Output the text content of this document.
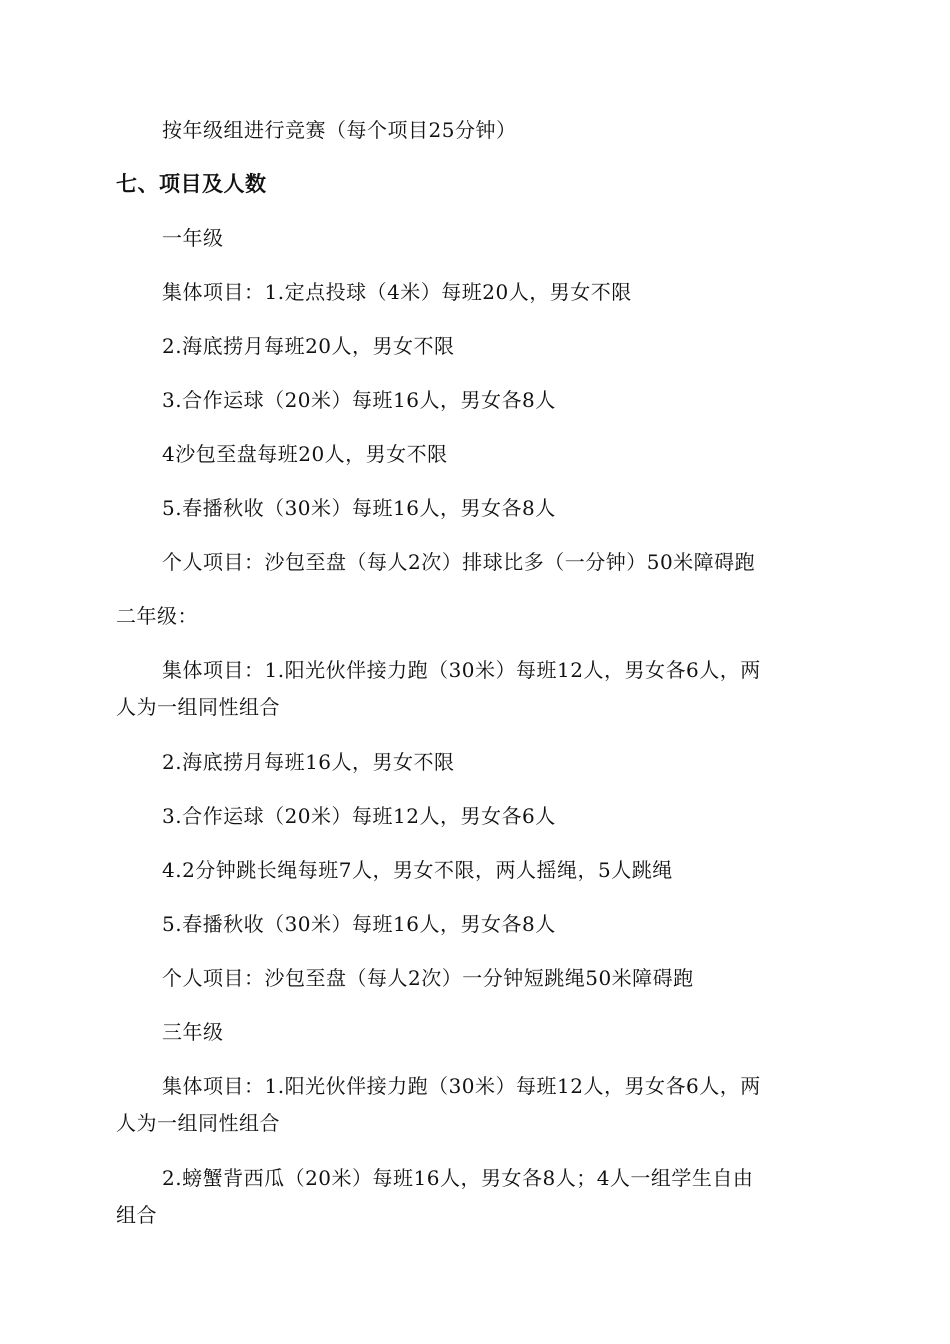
按年级组进行竞赛（每个项目25分钟）
七、项目及人数
一年级
集体项目：1.定点投球（4米）每班20人，男女不限
2.海底捞月每班20人，男女不限
3.合作运球（20米）每班16人，男女各8人
4沙包至盘每班20人，男女不限
5.春播秋收（30米）每班16人，男女各8人
个人项目：沙包至盘（每人2次）排球比多（一分钟）50米障碍跑
二年级：
集体项目：1.阳光伙伴接力跑（30米）每班12人，男女各6人，两
人为一组同性组合
2.海底捞月每班16人，男女不限
3.合作运球（20米）每班12人，男女各6人
4.2分钟跳长绳每班7人，男女不限，两人摇绳，5人跳绳
5.春播秋收（30米）每班16人，男女各8人
个人项目：沙包至盘（每人2次）一分钟短跳绳50米障碍跑
三年级
集体项目：1.阳光伙伴接力跑（30米）每班12人，男女各6人，两
人为一组同性组合
2.螃蟹背西瓜（20米）每班16人，男女各8人；4人一组学生自由
组合
